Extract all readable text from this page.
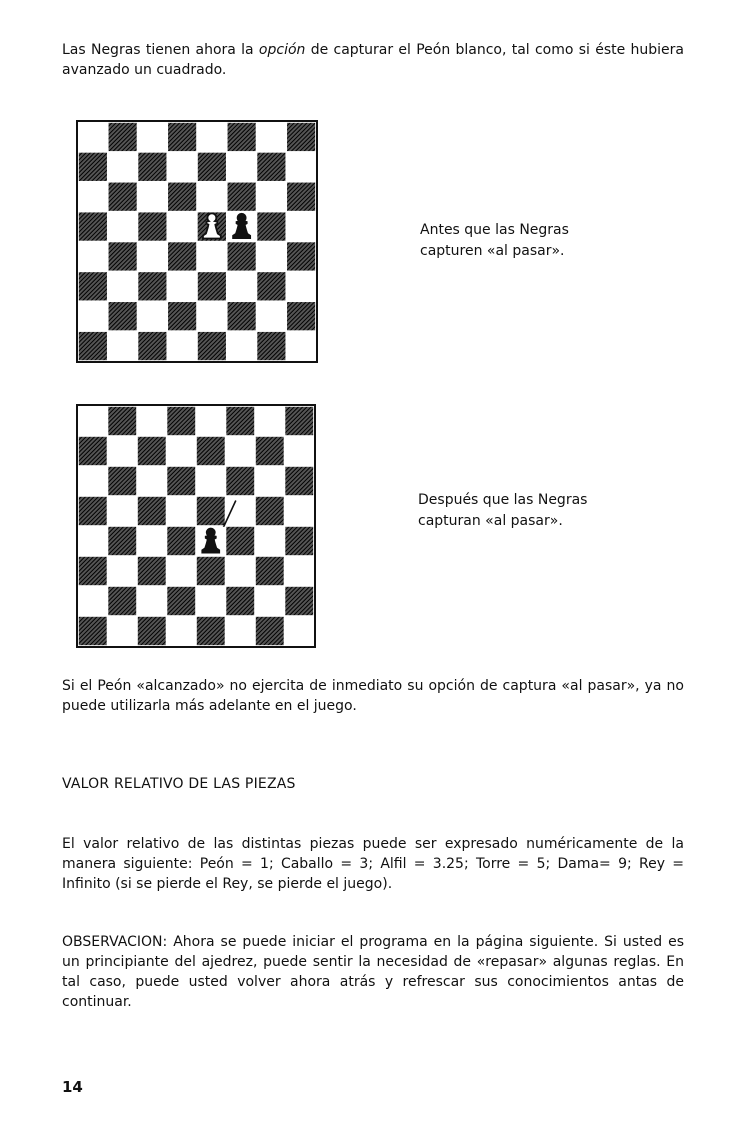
Las Negras tienen ahora la opción de capturar el Peón blanco, tal como si éste hubiera avanzado un cuadrado.

Antes que las Negras
capturen «al pasar».
Después que las Negras
capturan «al pasar».

Si el Peón «alcanzado» no ejercita de inmediato su opción de captura «al pasar», ya no puede utilizarla más adelante en el juego.

VALOR RELATIVO DE LAS PIEZAS

El valor relativo de las distintas piezas puede ser expresado numéricamente de la manera siguiente: Peón = 1; Caballo = 3; Alfil = 3.25; Torre = 5; Dama= 9; Rey = Infinito (si se pierde el Rey, se pierde el juego).

OBSERVACION: Ahora se puede iniciar el programa en la página siguiente. Si usted es un principiante del ajedrez, puede sentir la necesidad de «repasar» algunas reglas. En tal caso, puede usted volver ahora atrás y refrescar sus conocimientos antas de continuar.

14
